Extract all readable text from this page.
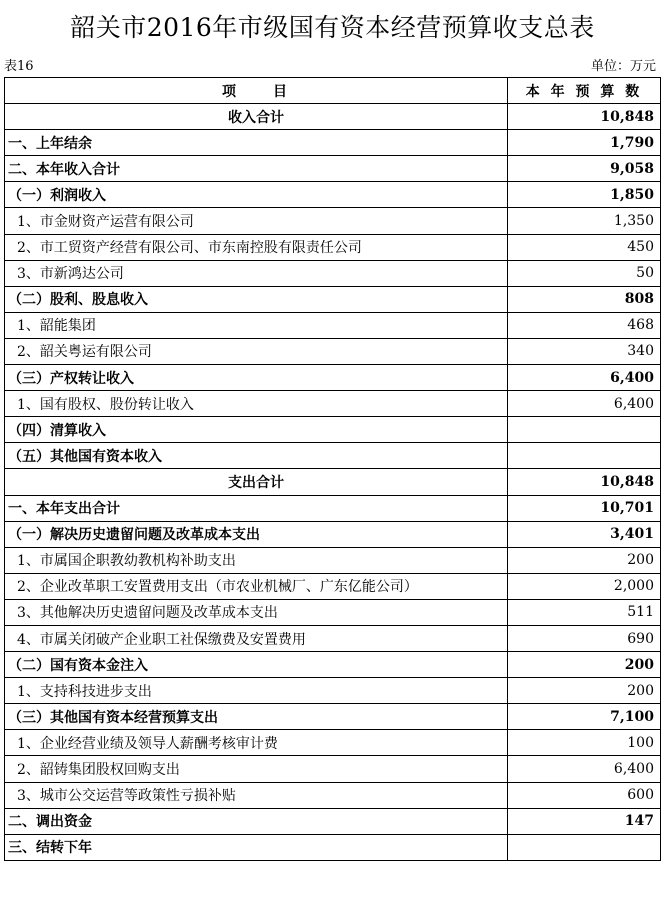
韶关市2016年市级国有资本经营预算收支总表
表16	单位：万元
项　　目	本 年 预 算 数
收入合计	10,848
一、上年结余	1,790
二、本年收入合计	9,058
（一）利润收入	1,850
1、市金财资产运营有限公司	1,350
2、市工贸资产经营有限公司、市东南控股有限责任公司	450
3、市新鸿达公司	50
（二）股利、股息收入	808
1、韶能集团	468
2、韶关粤运有限公司	340
（三）产权转让收入	6,400
1、国有股权、股份转让收入	6,400
（四）清算收入	
（五）其他国有资本收入	
支出合计	10,848
一、本年支出合计	10,701
（一）解决历史遗留问题及改革成本支出	3,401
1、市属国企职教幼教机构补助支出	200
2、企业改革职工安置费用支出（市农业机械厂、广东亿能公司）	2,000
3、其他解决历史遗留问题及改革成本支出	511
4、市属关闭破产企业职工社保缴费及安置费用	690
（二）国有资本金注入	200
1、支持科技进步支出	200
（三）其他国有资本经营预算支出	7,100
1、企业经营业绩及领导人薪酬考核审计费	100
2、韶铸集团股权回购支出	6,400
3、城市公交运营等政策性亏损补贴	600
二、调出资金	147
三、结转下年	
